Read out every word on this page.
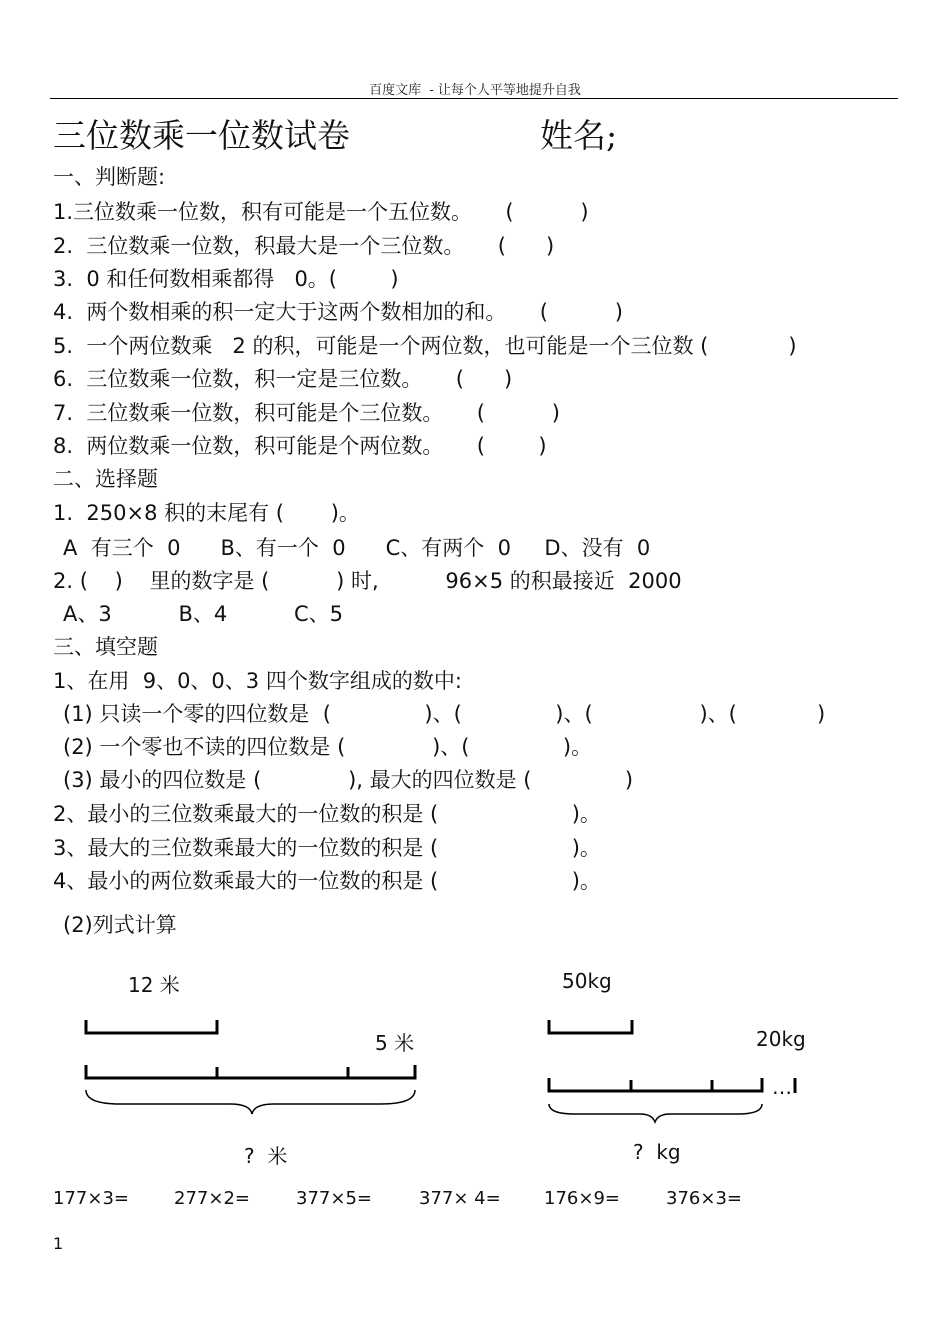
百度文库  - 让每个人平等地提升自我
三位数乘一位数试卷	姓名;
一、判断题:
1.三位数乘一位数，积有可能是一个五位数。     (          )
2.  三位数乘一位数，积最大是一个三位数。     (      )
3.  0 和任何数相乘都得   0。(        )
4.  两个数相乘的积一定大于这两个数相加的和。     (          )
5.  一个两位数乘   2 的积，可能是一个两位数，也可能是一个三位数 (            )
6.  三位数乘一位数，积一定是三位数。     (      )
7.  三位数乘一位数，积可能是个三位数。     (          )
8.  两位数乘一位数，积可能是个两位数。     (        )
二、选择题
1.  250×8 积的末尾有 (       )。
A  有三个  0      B、有一个  0      C、有两个  0     D、没有  0
2. (    )    里的数字是 (          ) 时,          96×5 的积最接近  2000
A、3          B、4          C、5
三、填空题
1、在用  9、0、0、3 四个数字组成的数中:
(1) 只读一个零的四位数是  (              )、(              )、(                )、(            )
(2) 一个零也不读的四位数是 (             )、(              )。
(3) 最小的四位数是 (             ), 最大的四位数是 (              )
2、最小的三位数乘最大的一位数的积是 (                    )。
3、最大的三位数乘最大的一位数的积是 (                    )。
4、最小的两位数乘最大的一位数的积是 (                    )。
(2)列式计算
12 米
5 米
?  米
50kg
20kg
…
?  kg
177×3=	277×2=	377×5=	377× 4= 176×9=	376×3=
1
